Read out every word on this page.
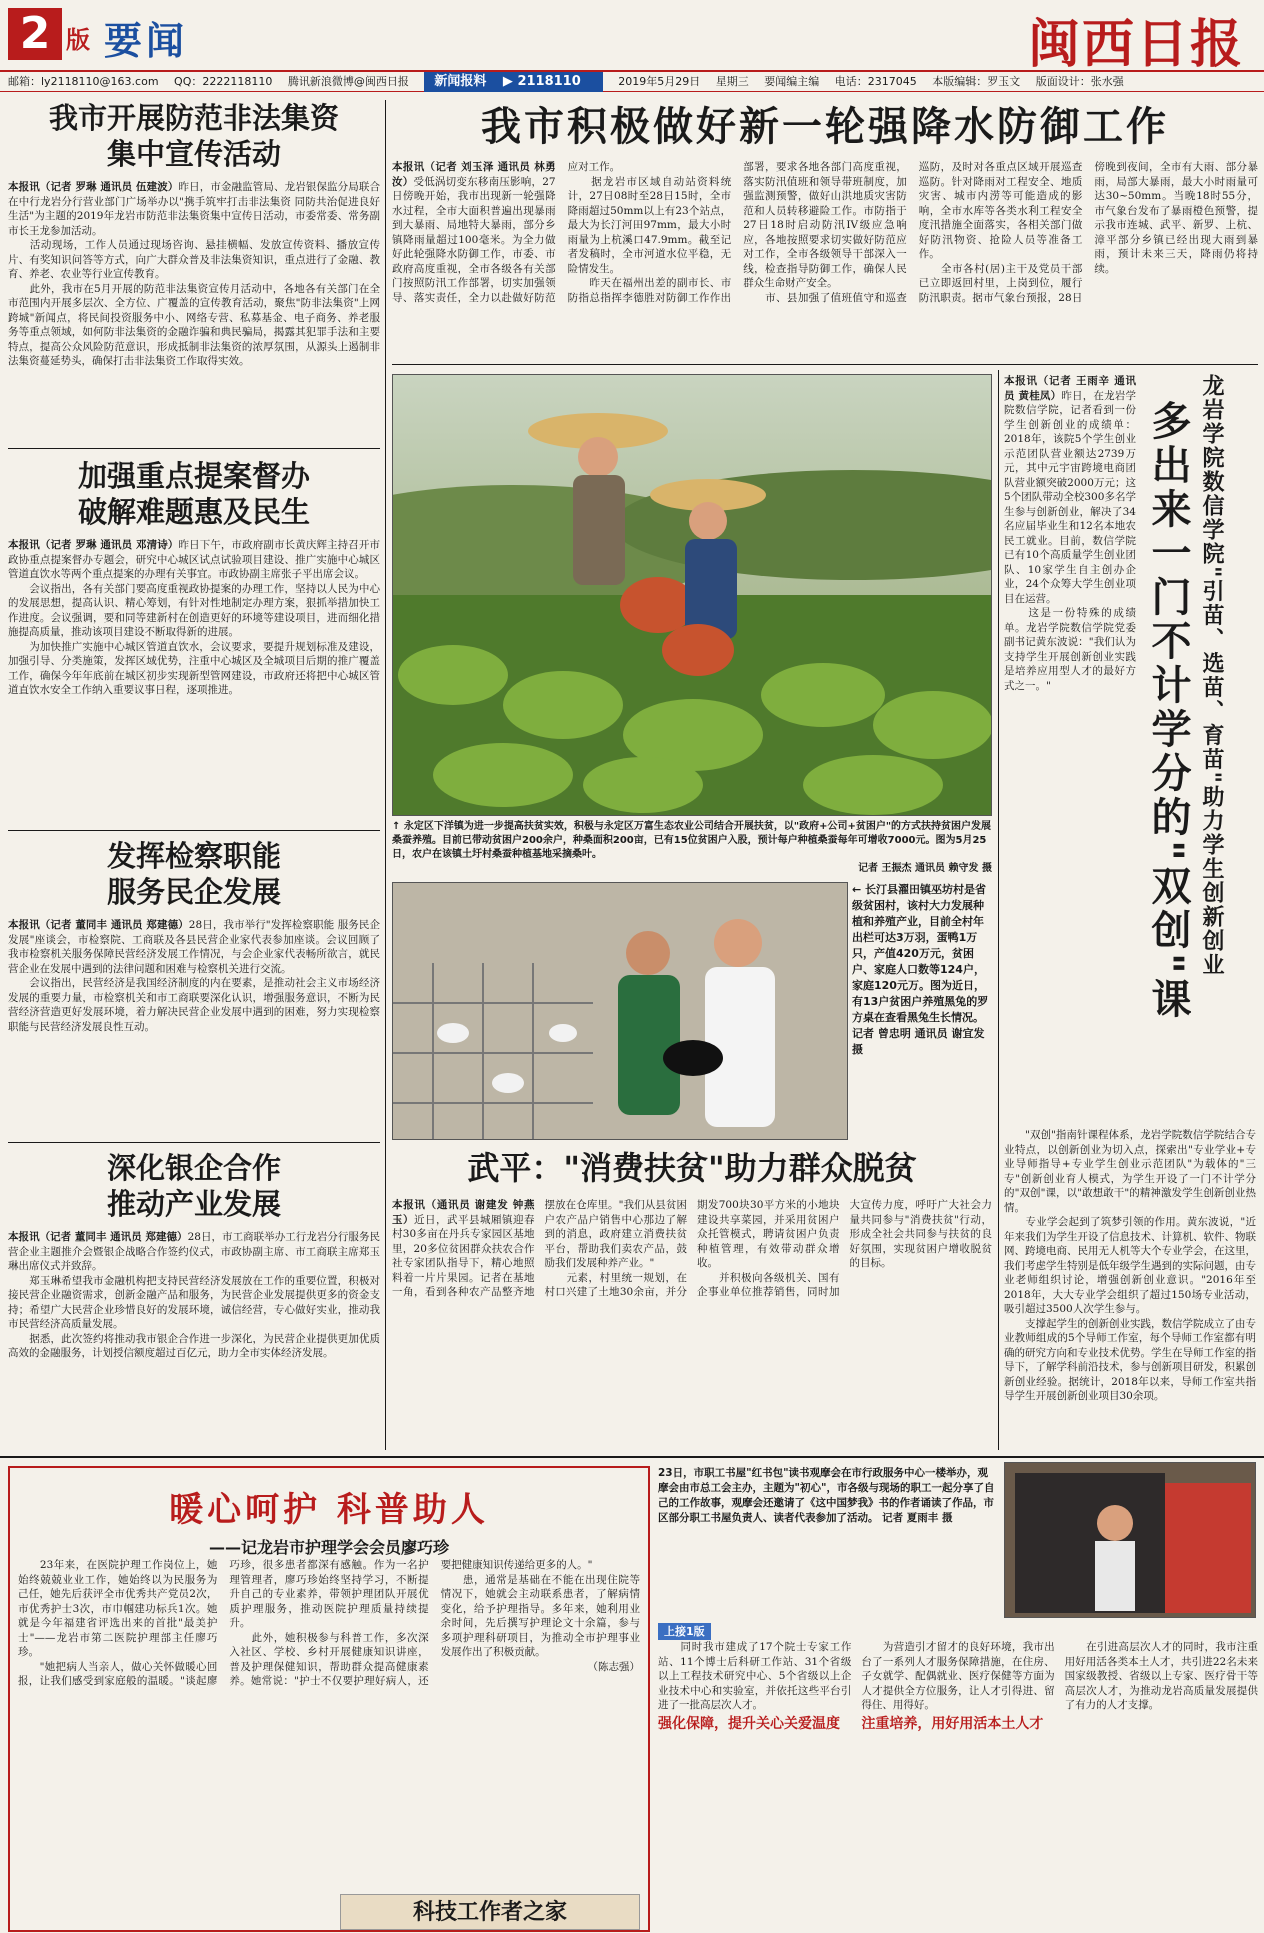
2 版 要闻	闽西日报
邮箱：ly2118110@163.com QQ：2222118110 腾讯新浪微博@闽西日报 新闻报料 ▶ 2118110	2019年5月29日 星期三 要闻编主编 电话：2317045 本版编辑：罗玉文 版面设计：张水强
我市开展防范非法集资
集中宣传活动
本报讯（记者 罗琳 通讯员 伍建波）昨日，市金融监管局、龙岩银保监分局联合在中行龙岩分行营业部门广场举办以"携手筑牢打击非法集资 同防共治促进良好生活"为主题的2019年龙岩市防范非法集资集中宣传日活动，市委常委、常务副市长王龙参加活动。
　　活动现场，工作人员通过现场咨询、悬挂横幅、发放宣传资料、播放宣传片、有奖知识问答等方式，向广大群众普及非法集资知识，重点进行了金融、教育、养老、农业等行业宣传教育。
　　此外，我市在5月开展的防范非法集资宣传月活动中，各地各有关部门在全市范围内开展多层次、全方位、广覆盖的宣传教育活动，聚焦"防非法集资"上网跨城"新闻点，将民间投资服务中小、网络专营、私募基金、电子商务、养老服务等重点领域，如何防非法集资的金融诈骗和典民骗局，揭露其犯罪手法和主要特点，提高公众风险防范意识，形成抵制非法集资的浓厚氛围，从源头上遏制非法集资蔓延势头，确保打击非法集资工作取得实效。
加强重点提案督办
破解难题惠及民生
本报讯（记者 罗琳 通讯员 邓清诗）昨日下午，市政府副市长黄庆辉主持召开市政协重点提案督办专题会，研究中心城区试点试验项目建设、推广实施中心城区管道直饮水等两个重点提案的办理有关事宜。市政协副主席张子平出席会议。
　　会议指出，各有关部门要高度重视政协提案的办理工作，坚持以人民为中心的发展思想，提高认识、精心筹划，有针对性地制定办理方案，狠抓举措加快工作进度。会议强调，要和同等建新村在创造更好的环境等建设项目，进而细化措施提高质量，推动该项目建设不断取得新的进展。
　　为加快推广实施中心城区管道直饮水，会议要求，要提升规划标准及建设，加强引导、分类施策，发挥区域优势，注重中心城区及全城项目后期的推广覆盖工作，确保今年年底前在城区初步实现新型管网建设，市政府还将把中心城区管道直饮水安全工作纳入重要议事日程，逐项推进。
发挥检察职能
服务民企发展
本报讯（记者 董同丰 通讯员 郑建德）28日，我市举行"发挥检察职能 服务民企发展"座谈会，市检察院、工商联及各县民营企业家代表参加座谈。会议回顾了我市检察机关服务保障民营经济发展工作情况，与会企业家代表畅所欲言，就民营企业在发展中遇到的法律问题和困难与检察机关进行交流。
　　会议指出，民营经济是我国经济制度的内在要素，是推动社会主义市场经济发展的重要力量，市检察机关和市工商联要深化认识，增强服务意识，不断为民营经济营造更好发展环境，着力解决民营企业发展中遇到的困难，努力实现检察职能与民营经济发展良性互动。
深化银企合作
推动产业发展
本报讯（记者 董同丰 通讯员 郑建德）28日，市工商联举办工行龙岩分行服务民营企业主题推介会暨银企战略合作签约仪式，市政协副主席、市工商联主席郑玉琳出席仪式并致辞。
　　郑玉琳希望我市金融机构把支持民营经济发展放在工作的重要位置，积极对接民营企业融资需求，创新金融产品和服务，为民营企业发展提供更多的资金支持；希望广大民营企业珍惜良好的发展环境，诚信经营，专心做好实业，推动我市民营经济高质量发展。
　　据悉，此次签约将推动我市银企合作进一步深化，为民营企业提供更加优质高效的金融服务，计划授信额度超过百亿元，助力全市实体经济发展。
我市积极做好新一轮强降水防御工作
本报讯（记者 刘玉泽 通讯员 林勇汝）受低涡切变东移南压影响，27日傍晚开始，我市出现新一轮强降水过程，全市大面积普遍出现暴雨到大暴雨、局地特大暴雨，部分乡镇降雨量超过100毫米。为全力做好此轮强降水防御工作，市委、市政府高度重视，全市各级各有关部门按照防汛工作部署，切实加强领导、落实责任，全力以赴做好防范应对工作。
　　据龙岩市区域自动站资料统计，27日08时至28日15时，全市降雨超过50mm以上有23个站点，最大为长汀河田97mm，最大小时雨量为上杭溪口47.9mm。截至记者发稿时，全市河道水位平稳，无险情发生。
　　昨天在福州出差的副市长、市防指总指挥李德胜对防御工作作出部署，要求各地各部门高度重视，落实防汛值班和领导带班制度，加强监测预警，做好山洪地质灾害防范和人员转移避险工作。市防指于27日18时启动防汛IV级应急响应，各地按照要求切实做好防范应对工作，全市各级领导干部深入一线，检查指导防御工作，确保人民群众生命财产安全。
　　市、县加强了值班值守和巡查巡防，及时对各重点区域开展巡查巡防。针对降雨对工程安全、地质灾害、城市内涝等可能造成的影响，全市水库等各类水利工程安全度汛措施全面落实，各相关部门做好防汛物资、抢险人员等准备工作。
　　全市各村(居)主干及党员干部已立即返回村里，上岗到位，履行防汛职责。据市气象台预报，28日傍晚到夜间，全市有大雨、部分暴雨，局部大暴雨，最大小时雨量可达30~50mm。当晚18时55分，市气象台发布了暴雨橙色预警，提示我市连城、武平、新罗、上杭、漳平部分乡镇已经出现大雨到暴雨，预计未来三天，降雨仍将持续。
↑ 永定区下洋镇为进一步提高扶贫实效，积极与永定区万富生态农业公司结合开展扶贫，以"政府+公司+贫困户"的方式扶持贫困户发展桑蚕养殖。目前已带动贫困户200余户，种桑面积200亩，已有15位贫困户入股，预计每户种植桑蚕每年可增收7000元。图为5月25日，农户在该镇土圩村桑蚕种植基地采摘桑叶。

记者 王振杰 通讯员 赖守发 摄
← 长汀县濯田镇巫坊村是省级贫困村，该村大力发展种植和养殖产业，目前全村年出栏可达3万羽，蛋鸭1万只，产值420万元，贫困户、家庭人口数等124户，家庭120元万。图为近日，有13户贫困户养殖黑兔的罗方桌在查看黑兔生长情况。
记者 曾忠明 通讯员 谢宜发 摄
武平："消费扶贫"助力群众脱贫
本报讯（通讯员 谢建发 钟燕玉）近日，武平县城厢镇迎春村30多亩在丹兵专家园区基地里，20多位贫困群众扶农合作社专家团队指导下，精心地照料着一片片果园。记者在基地一角，看到各种农产品整齐地摆放在仓库里。"我们从县贫困户农产品户销售中心那边了解到的消息，政府建立消费扶贫平台，帮助我们卖农产品，鼓励我们发展种养产业。"
　　元素，村里统一规划，在村口兴建了土地30余亩，并分期发700块30平方米的小地块建设共享菜园，并采用贫困户众托管模式，聘请贫困户负责种植管理，有效带动群众增收。
　　并积极向各级机关、国有企事业单位推荐销售，同时加大宣传力度，呼吁广大社会力量共同参与"消费扶贫"行动，形成全社会共同参与扶贫的良好氛围，实现贫困户增收脱贫的目标。
龙岩学院数信学院"引苗、选苗、育苗"助力学生创新创业
多出来一门不计学分的"双创"课
本报讯（记者 王雨辛 通讯员 黄桂凤）昨日，在龙岩学院数信学院，记者看到一份学生创新创业的成绩单：2018年，该院5个学生创业示范团队营业额达2739万元，其中元宇宙跨境电商团队营业额突破2000万元；这5个团队带动全校300多名学生参与创新创业，解决了34名应届毕业生和12名本地农民工就业。目前，数信学院已有10个高质量学生创业团队、10家学生自主创办企业，24个众筹大学生创业项目在运营。
　　这是一份特殊的成绩单。龙岩学院数信学院党委副书记黄东波说："我们认为支持学生开展创新创业实践是培养应用型人才的最好方式之一。"
　　"双创"指南针课程体系，龙岩学院数信学院结合专业特点，以创新创业为切入点，探索出"专业学业+专业导师指导+专业学生创业示范团队"为载体的"三专"创新创业育人模式，为学生开设了一门不计学分的"双创"课，以"敢想敢干"的精神激发学生创新创业热情。
　　专业学会起到了筑梦引领的作用。黄东波说，"近年来我们为学生开设了信息技术、计算机、软件、物联网、跨境电商、民用无人机等大个专业学会，在这里，我们考虑学生特别是低年级学生遇到的实际问题，由专业老师组织讨论，增强创新创业意识。"2016年至2018年，大大专业学会组织了超过150场专业活动，吸引超过3500人次学生参与。
　　支撑起学生的创新创业实践，数信学院成立了由专业教师组成的5个导师工作室，每个导师工作室都有明确的研究方向和专业技术优势。学生在导师工作室的指导下，了解学科前沿技术，参与创新项目研发，积累创新创业经验。据统计，2018年以来，导师工作室共指导学生开展创新创业项目30余项。
暖心呵护 科普助人
——记龙岩市护理学会会员廖巧珍
　　23年来，在医院护理工作岗位上，她始终兢兢业业工作，她始终以为民服务为己任，她先后获评全市优秀共产党员2次，市优秀护士3次，市巾帼建功标兵1次。她就是今年福建省评选出来的首批"最美护士"——龙岩市第二医院护理部主任廖巧珍。
　　"她把病人当亲人，做心关怀做暖心回报，让我们感受到家庭般的温暖。"谈起廖巧珍，很多患者都深有感触。作为一名护理管理者，廖巧珍始终坚持学习，不断提升自己的专业素养，带领护理团队开展优质护理服务，推动医院护理质量持续提升。
　　此外，她积极参与科普工作，多次深入社区、学校、乡村开展健康知识讲座，普及护理保健知识，帮助群众提高健康素养。她常说："护士不仅要护理好病人，还要把健康知识传递给更多的人。"
　　患，通常是基础在不能在出现住院等情况下，她就会主动联系患者，了解病情变化，给予护理指导。多年来，她利用业余时间，先后撰写护理论文十余篇，参与多项护理科研项目，为推动全市护理事业发展作出了积极贡献。

（陈志强）
23日，市职工书屋"红书包"读书观摩会在市行政服务中心一楼举办，观摩会由市总工会主办，主题为"初心"，市各级与现场的职工一起分享了自己的工作故事，观摩会还邀请了《这中国梦我》书的作者诵读了作品，市区部分职工书屋负责人、读者代表参加了活动。 记者 夏雨丰 摄
上接1版
　　同时我市建成了17个院士专家工作站、11个博士后科研工作站、31个省级以上工程技术研究中心、5个省级以上企业技术中心和实验室，并依托这些平台引进了一批高层次人才。
强化保障，提升关心关爱温度
　　为营造引才留才的良好环境，我市出台了一系列人才服务保障措施，在住房、子女就学、配偶就业、医疗保健等方面为人才提供全方位服务，让人才引得进、留得住、用得好。
注重培养，用好用活本土人才
　　在引进高层次人才的同时，我市注重用好用活各类本土人才，共引进22名未来国家级教授、省级以上专家、医疗骨干等高层次人才，为推动龙岩高质量发展提供了有力的人才支撑。
科技工作者之家
